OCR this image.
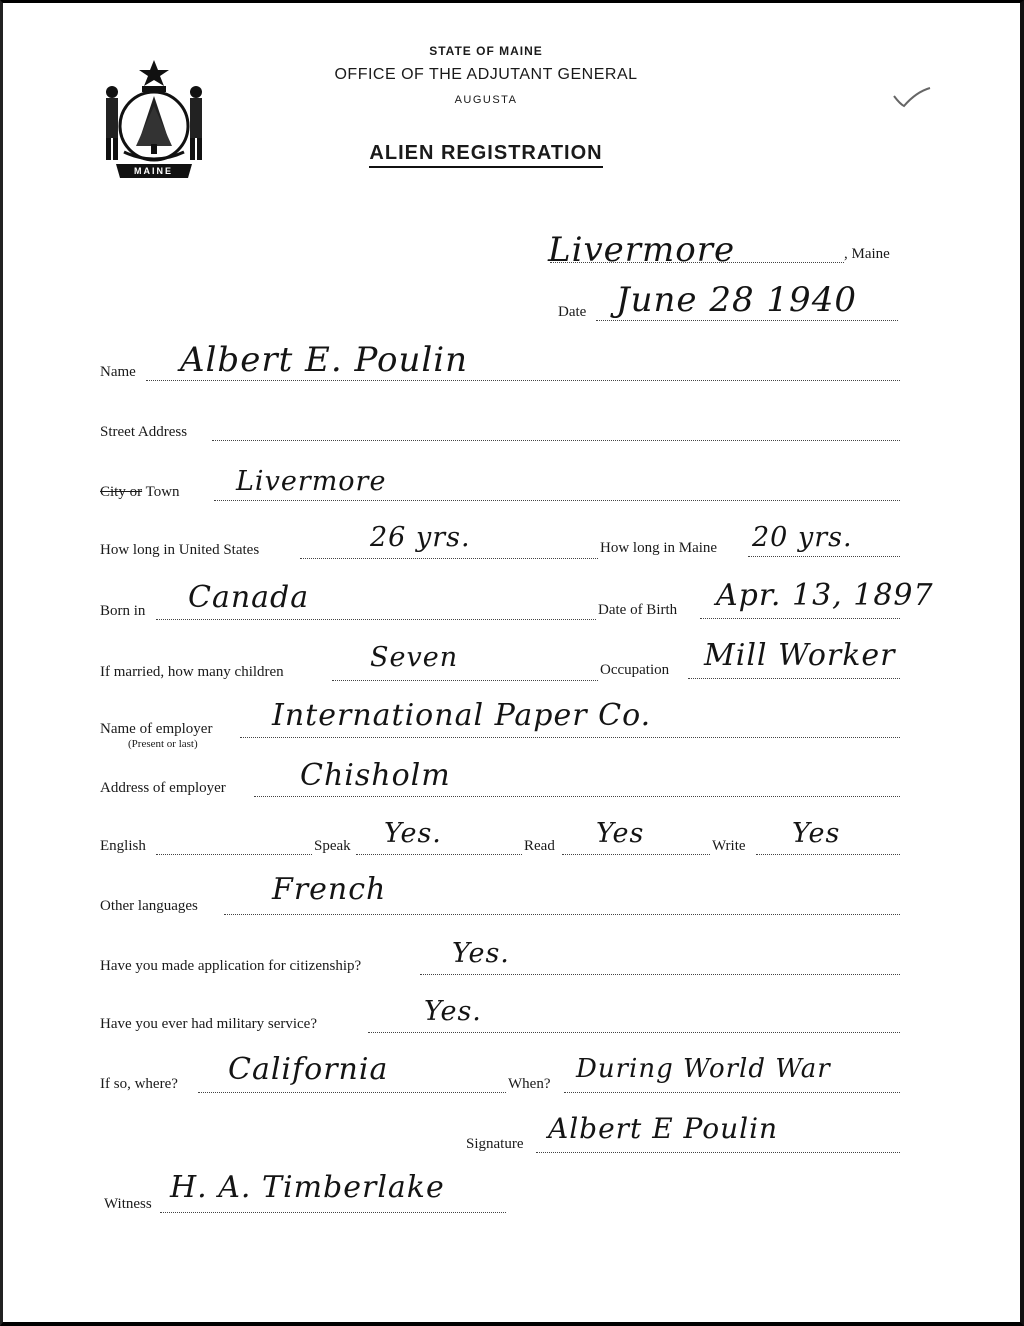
MAINE
STATE OF MAINE
OFFICE OF THE ADJUTANT GENERAL
AUGUSTA
ALIEN REGISTRATION
Livermore	, Maine
Date June 28 1940
Name Albert E. Poulin
Street Address
City or Town Livermore
How long in United States	26 yrs.	How long in Maine 20 yrs.
Born in Canada	Date of Birth Apr. 13, 1897
If married, how many children	Seven	Occupation Mill Worker
Name of employer
(Present or last)
International Paper Co.
Address of employer Chisholm
English	Speak Yes.	Read Yes	Write Yes
Other languages French
Have you made application for citizenship?	Yes.
Have you ever had military service?	Yes.
If so, where? California	When? During World War
Signature Albert E Poulin
Witness H. A. Timberlake
